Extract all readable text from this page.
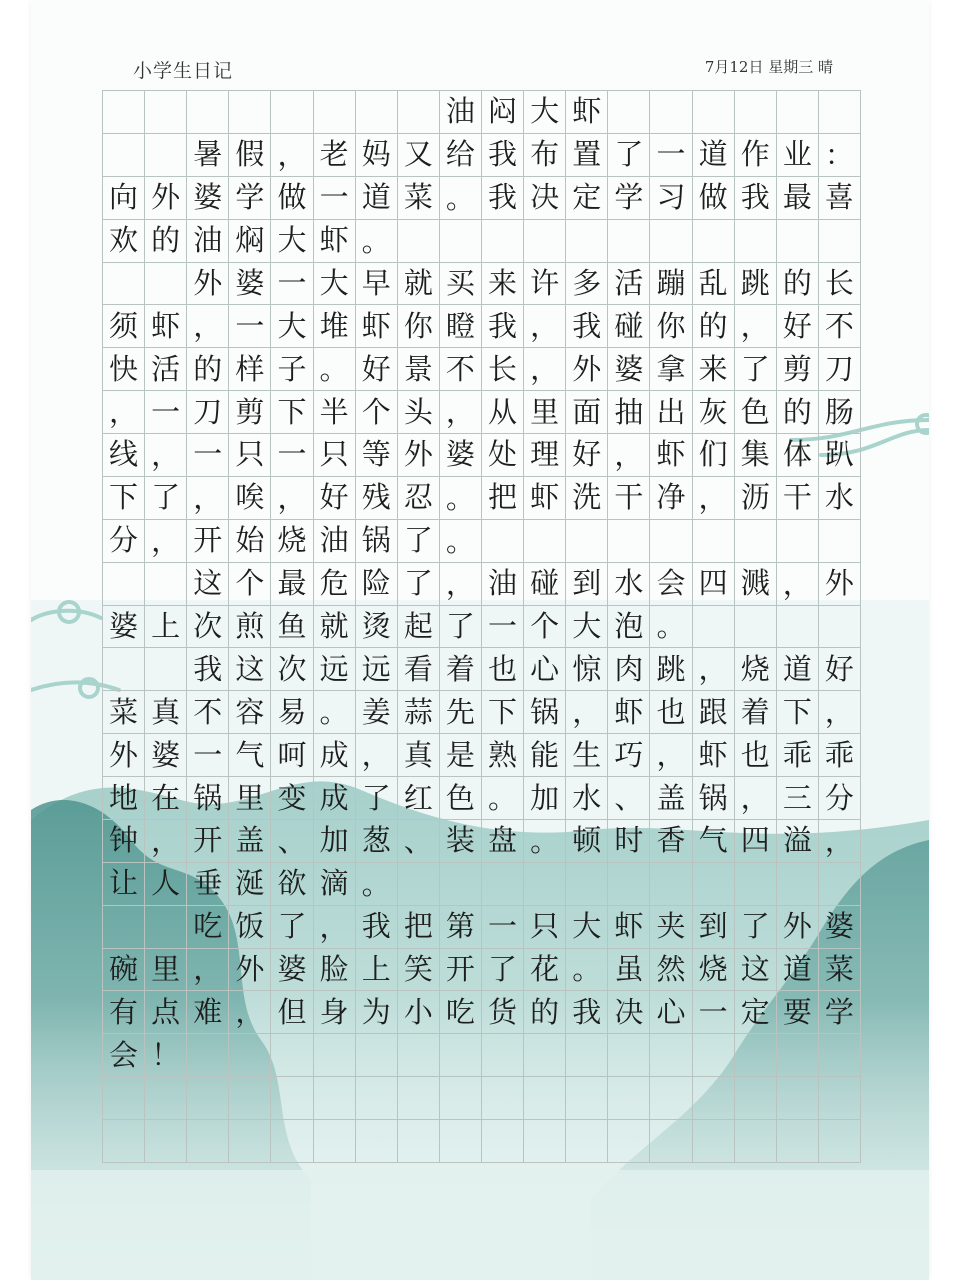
小学生日记	7月12日 星期三 晴
油 闷 大 虾
暑 假 ， 老 妈 又 给 我 布 置 了 一 道 作 业 ：
向 外 婆 学 做 一 道 菜 。 我 决 定 学 习 做 我 最 喜
欢 的 油 焖 大 虾 。
外 婆 一 大 早 就 买 来 许 多 活 蹦 乱 跳 的 长
须 虾 ， 一 大 堆 虾 你 瞪 我 ， 我 碰 你 的 ， 好 不
快 活 的 样 子 。 好 景 不 长 ， 外 婆 拿 来 了 剪 刀
， 一 刀 剪 下 半 个 头 ， 从 里 面 抽 出 灰 色 的 肠
线 ， 一 只 一 只 等 外 婆 处 理 好 ， 虾 们 集 体 趴
下 了 ， 唉 ， 好 残 忍 。 把 虾 洗 干 净 ， 沥 干 水
分 ， 开 始 烧 油 锅 了 。
这 个 最 危 险 了 ， 油 碰 到 水 会 四 溅 ， 外
婆 上 次 煎 鱼 就 烫 起 了 一 个 大 泡 。
我 这 次 远 远 看 着 也 心 惊 肉 跳 ， 烧 道 好
菜 真 不 容 易 。 姜 蒜 先 下 锅 ， 虾 也 跟 着 下 ，
外 婆 一 气 呵 成 ， 真 是 熟 能 生 巧 ， 虾 也 乖 乖
地 在 锅 里 变 成 了 红 色 。 加 水 、 盖 锅 ， 三 分
钟 ， 开 盖 、 加 葱 、 装 盘 。 顿 时 香 气 四 溢 ，
让 人 垂 涎 欲 滴 。
吃 饭 了 ， 我 把 第 一 只 大 虾 夹 到 了 外 婆
碗 里 ， 外 婆 脸 上 笑 开 了 花 。 虽 然 烧 这 道 菜
有 点 难 ， 但 身 为 小 吃 货 的 我 决 心 一 定 要 学
会 ！
